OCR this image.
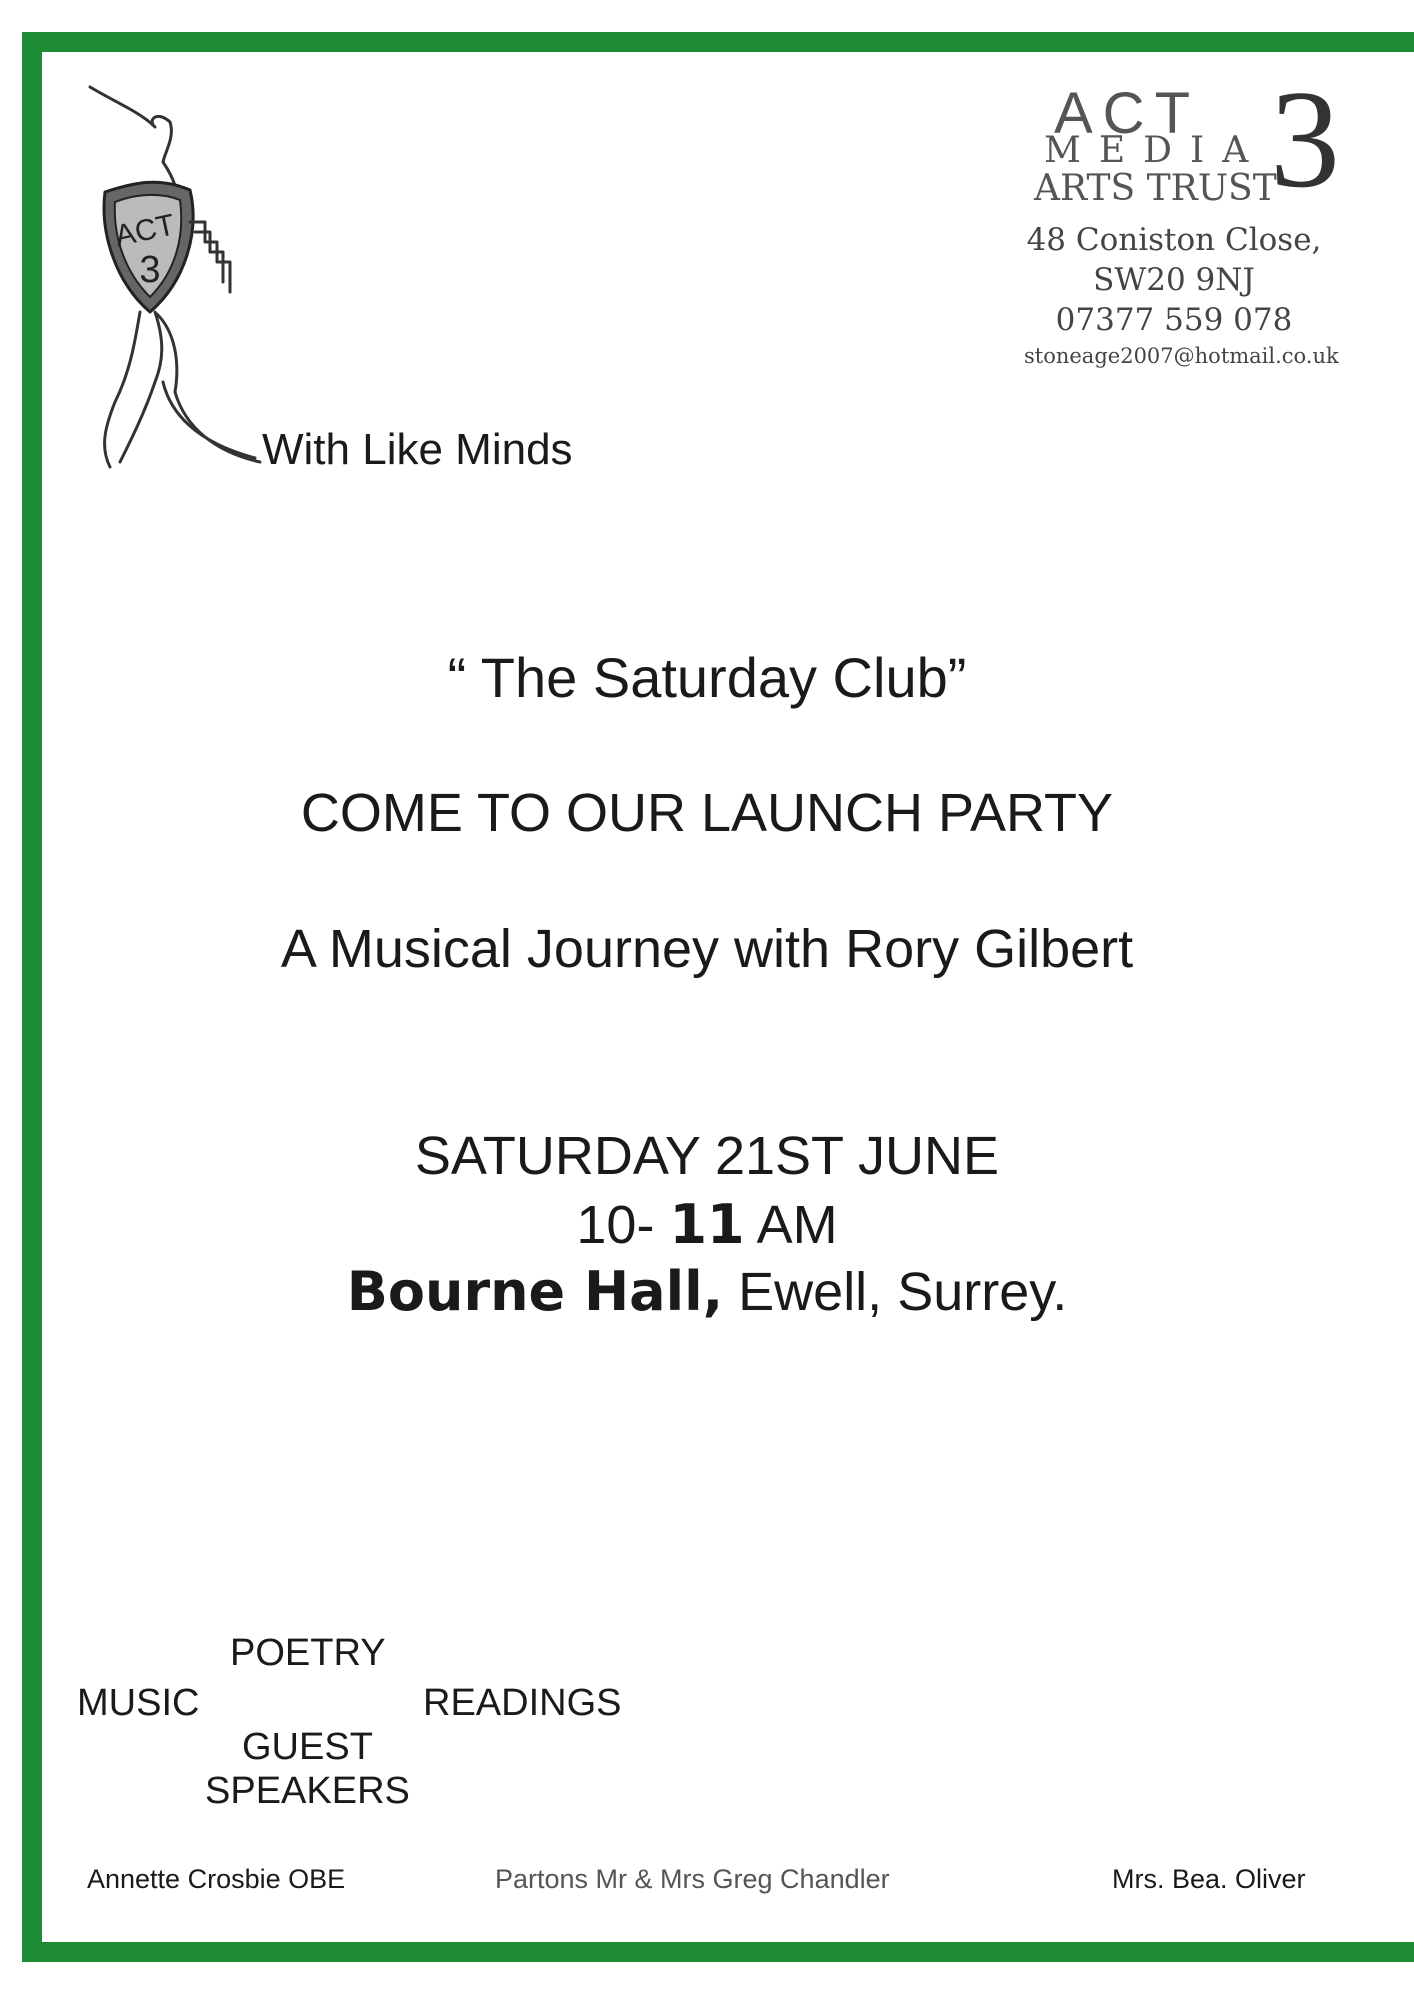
ACT
3
With Like Minds
ACT
MEDIA
ARTS TRUST
3
48 Coniston Close,
SW20 9NJ
07377 559 078
stoneage2007@hotmail.co.uk
“ The Saturday Club”
COME TO OUR LAUNCH PARTY
A Musical Journey with Rory Gilbert
SATURDAY 21ST JUNE
10- 11 AM
Bourne Hall, Ewell, Surrey.
POETRY
MUSIC	READINGS
GUEST
SPEAKERS
Annette Crosbie OBE	Partons Mr & Mrs Greg Chandler	Mrs. Bea. Oliver
